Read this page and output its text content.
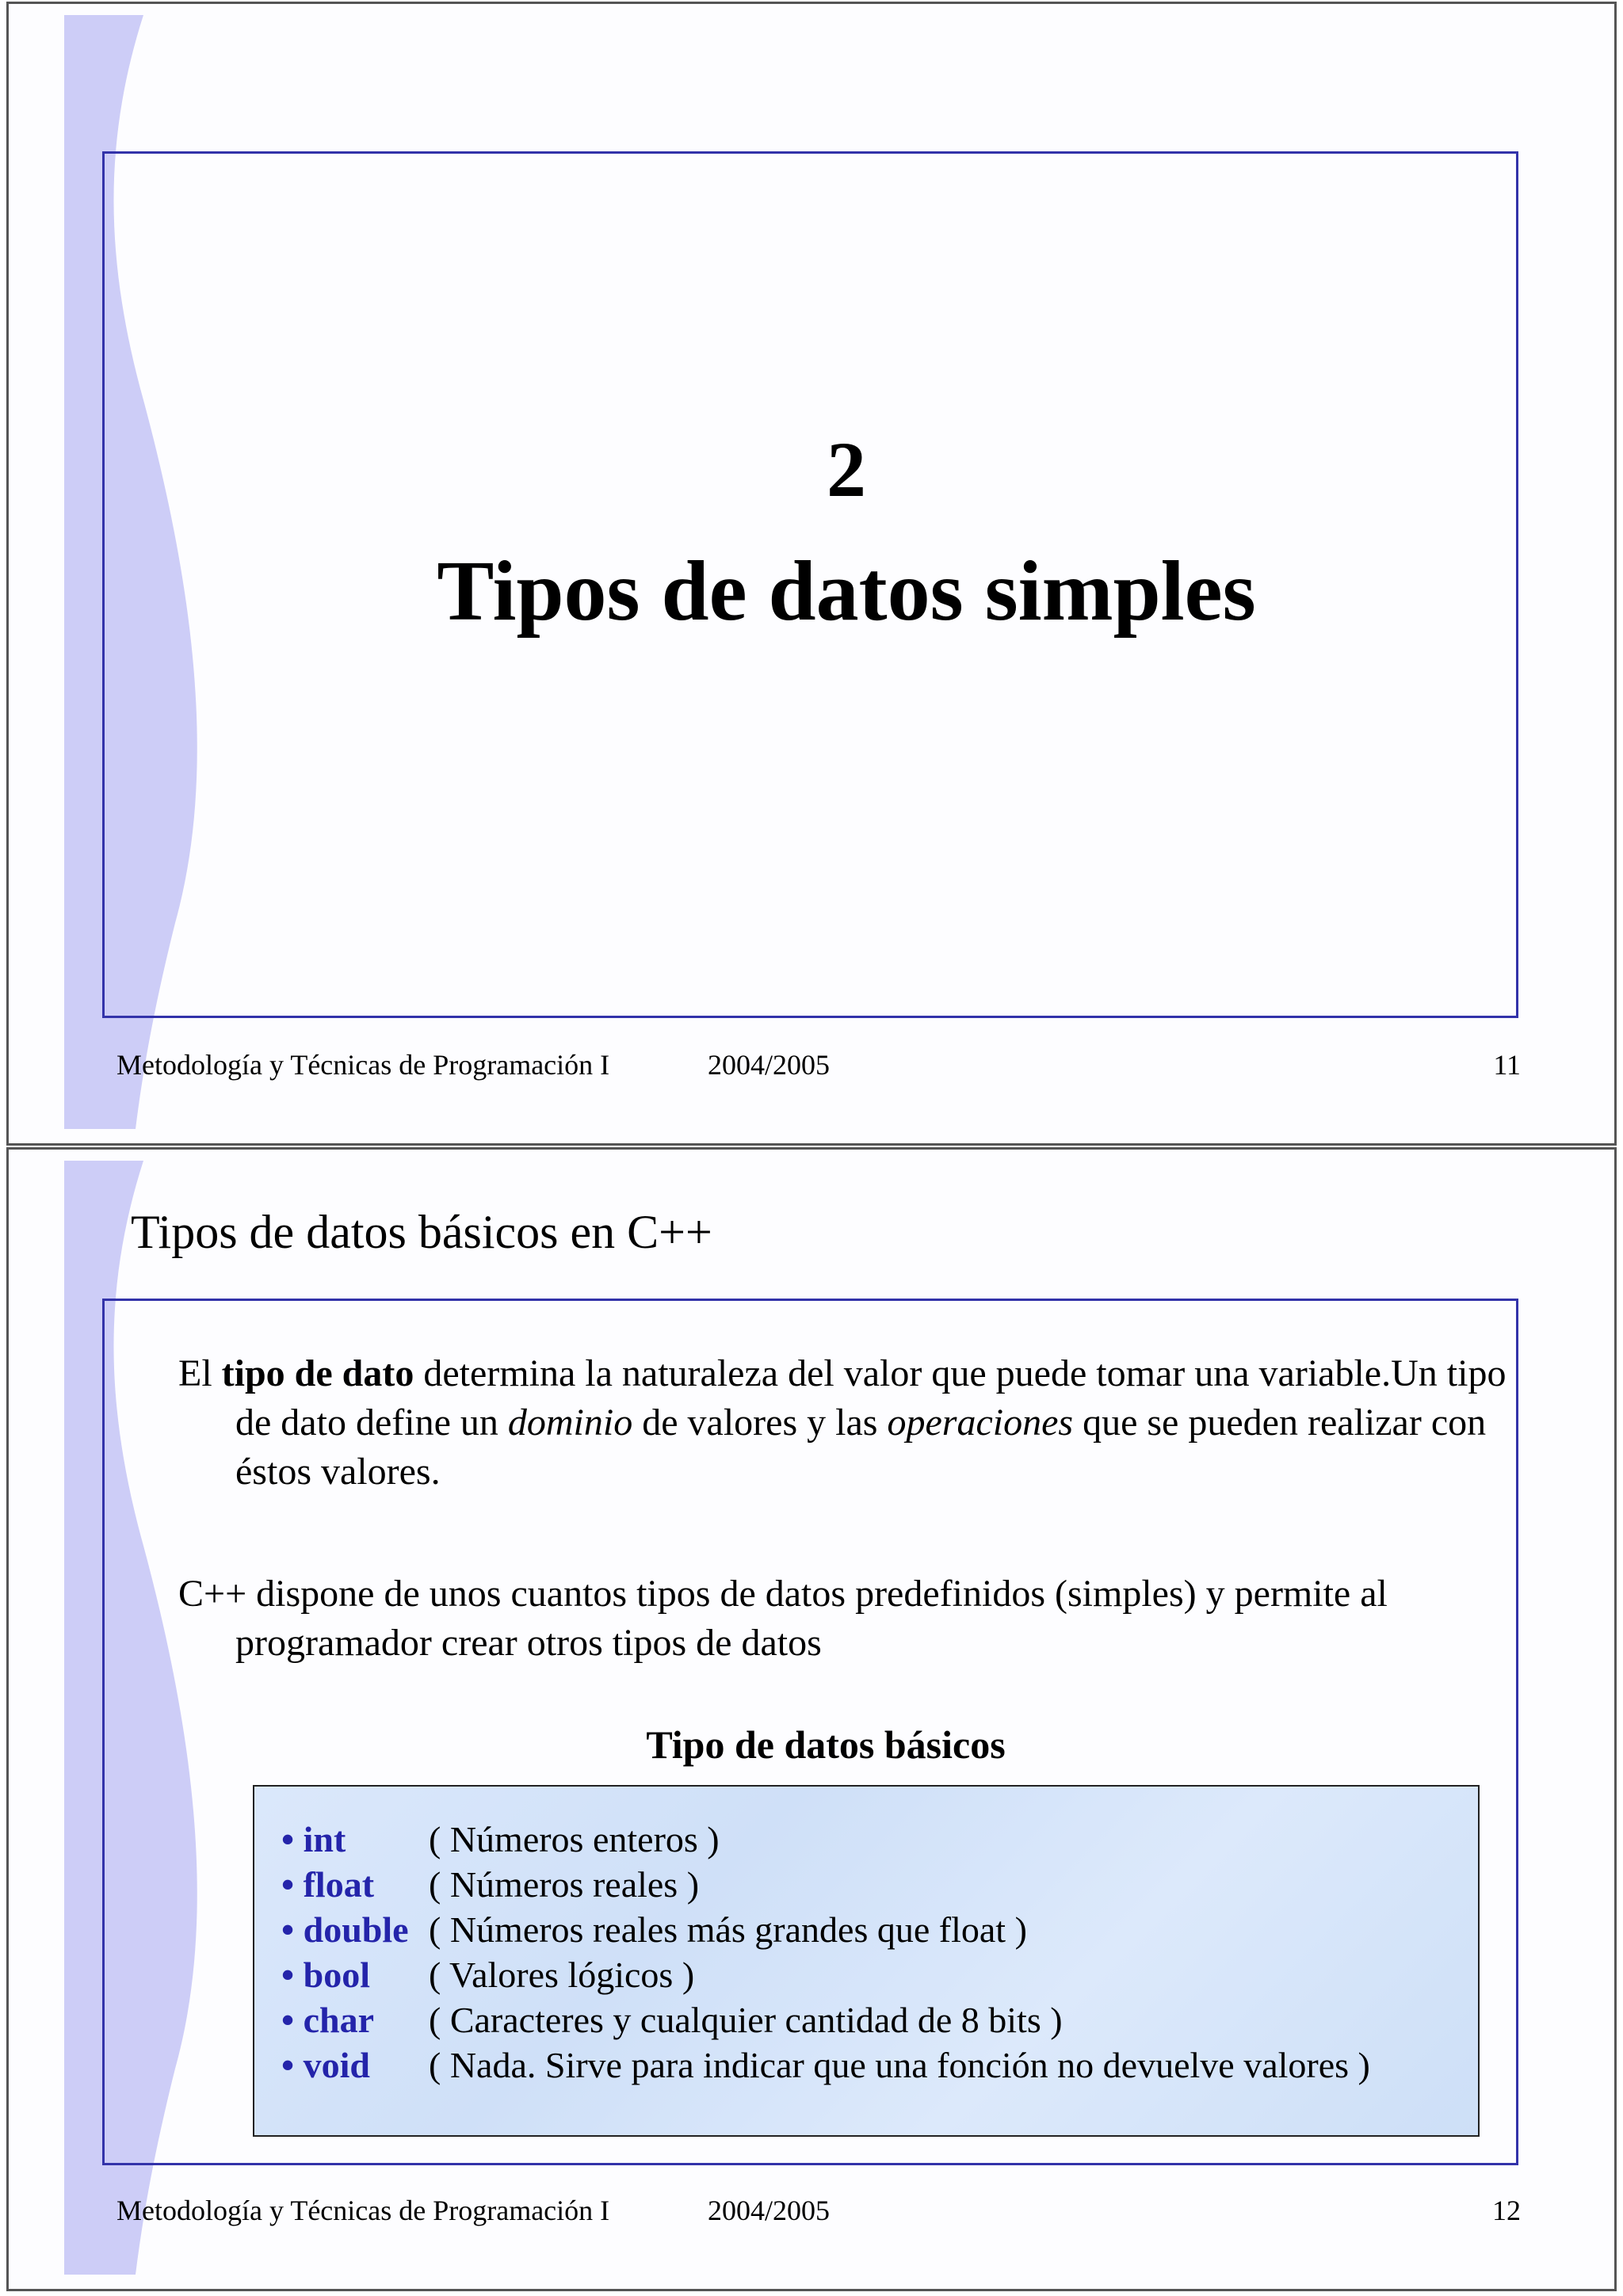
2
Tipos de datos simples
Metodología y Técnicas de Programación I	2004/2005	11
Tipos de datos básicos en C++
El tipo de dato determina la naturaleza del valor que puede tomar una variable.Un tipo de dato define un dominio de valores y las operaciones que se pueden realizar con éstos valores.
C++ dispone de unos cuantos tipos de datos predefinidos (simples) y permite al programador crear otros tipos de datos
Tipo de datos básicos
• int	( Números enteros )
• float	( Números reales )
• double ( Números reales más grandes que float )
• bool	( Valores lógicos )
• char	( Caracteres y cualquier cantidad de 8 bits )
• void	( Nada. Sirve para indicar que una fonción no devuelve valores )
Metodología y Técnicas de Programación I	2004/2005	12
